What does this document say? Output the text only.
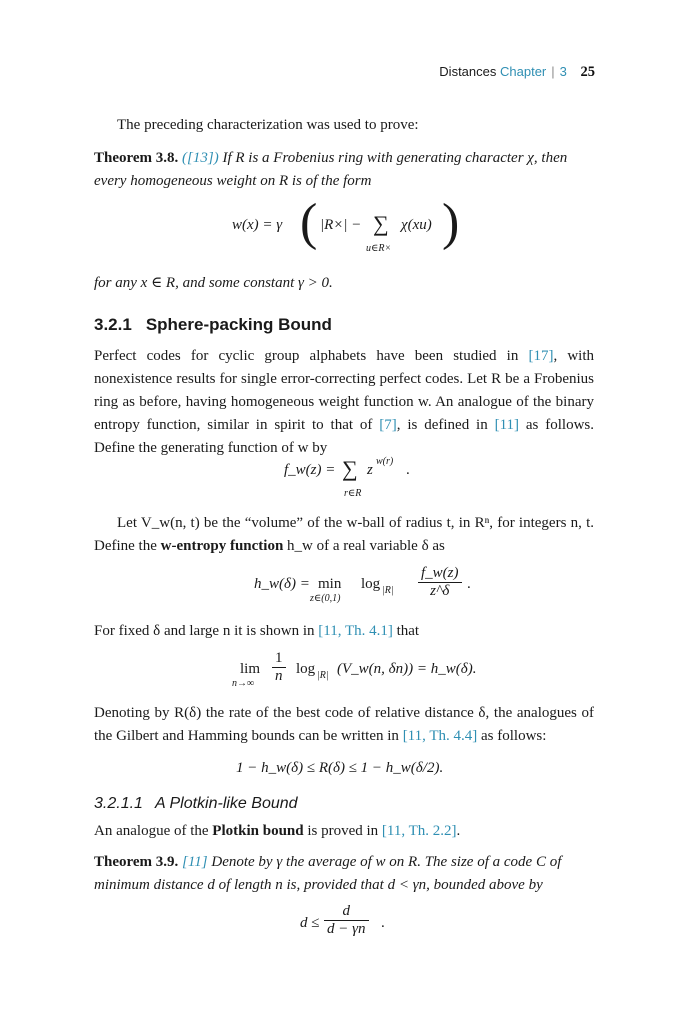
Distances Chapter | 3 25
The preceding characterization was used to prove:
Theorem 3.8. ([13]) If R is a Frobenius ring with generating character χ, then every homogeneous weight on R is of the form
w(x) = γ ( |R×| − ∑
u∈R×
χ(xu) )
for any x ∈ R, and some constant γ > 0.
3.2.1 Sphere-packing Bound
Perfect codes for cyclic group alphabets have been studied in [17], with nonexistence results for single error-correcting perfect codes. Let R be a Frobenius ring as before, having homogeneous weight function w. An analogue of the binary entropy function, similar in spirit to that of [7], is defined in [11] as follows. Define the generating function of w by
f_w(z) = ∑
r∈R
z
w(r)
.
Let V_w(n, t) be the “volume” of the w-ball of radius t, in Rⁿ, for integers n, t. Define the w-entropy function h_w of a real variable δ as
h_w(δ) = min
z∈(0,1)
$\log |R| \frac{f\_w(z)}{z\^{}\delta}$ .
For fixed δ and large n it is shown in [11, Th. 4.1] that
lim
$n\to\infty \frac{1}{n}$ log |R| (V_w(n, δn)) = h_w(δ).
Denoting by R(δ) the rate of the best code of relative distance δ, the analogues of the Gilbert and Hamming bounds can be written in [11, Th. 4.4] as follows:
1 − h_w(δ) ≤ R(δ) ≤ 1 − h_w(δ/2).
3.2.1.1 A Plotkin-like Bound
An analogue of the Plotkin bound is proved in [11, Th. 2.2].
Theorem 3.9. [11] Denote by γ the average of w on R. The size of a code C of minimum distance d of length n is, provided that d < γn, bounded above by
$d \le \frac{d}{d - \gamma n}$ .
